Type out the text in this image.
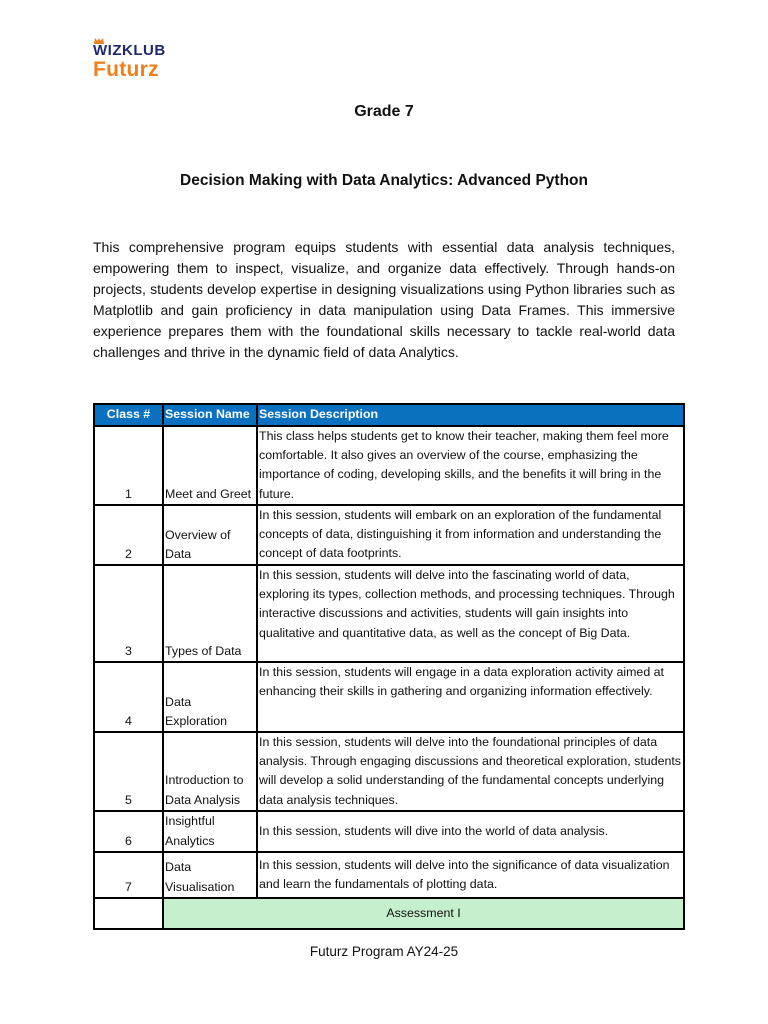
WIZKLUB
Futurz
Grade 7
Decision Making with Data Analytics: Advanced Python
This comprehensive program equips students with essential data analysis techniques, empowering them to inspect, visualize, and organize data effectively. Through hands-on projects, students develop expertise in designing visualizations using Python libraries such as Matplotlib and gain proficiency in data manipulation using Data Frames. This immersive experience prepares them with the foundational skills necessary to tackle real-world data challenges and thrive in the dynamic field of data Analytics.
Class #	Session Name	Session Description
1	Meet and Greet	This class helps students get to know their teacher, making them feel more comfortable. It also gives an overview of the course, emphasizing the importance of coding, developing skills, and the benefits it will bring in the future.
2	Overview of Data	In this session, students will embark on an exploration of the fundamental concepts of data, distinguishing it from information and understanding the concept of data footprints.
3	Types of Data	In this session, students will delve into the fascinating world of data, exploring its types, collection methods, and processing techniques. Through interactive discussions and activities, students will gain insights into qualitative and quantitative data, as well as the concept of Big Data.
4	Data Exploration	In this session, students will engage in a data exploration activity aimed at enhancing their skills in gathering and organizing information effectively.
5	Introduction to Data Analysis	In this session, students will delve into the foundational principles of data analysis. Through engaging discussions and theoretical exploration, students will develop a solid understanding of the fundamental concepts underlying data analysis techniques.
6	Insightful Analytics	In this session, students will dive into the world of data analysis.
7	Data Visualisation	In this session, students will delve into the significance of data visualization and learn the fundamentals of plotting data.
	Assessment I	
Futurz Program AY24-25
